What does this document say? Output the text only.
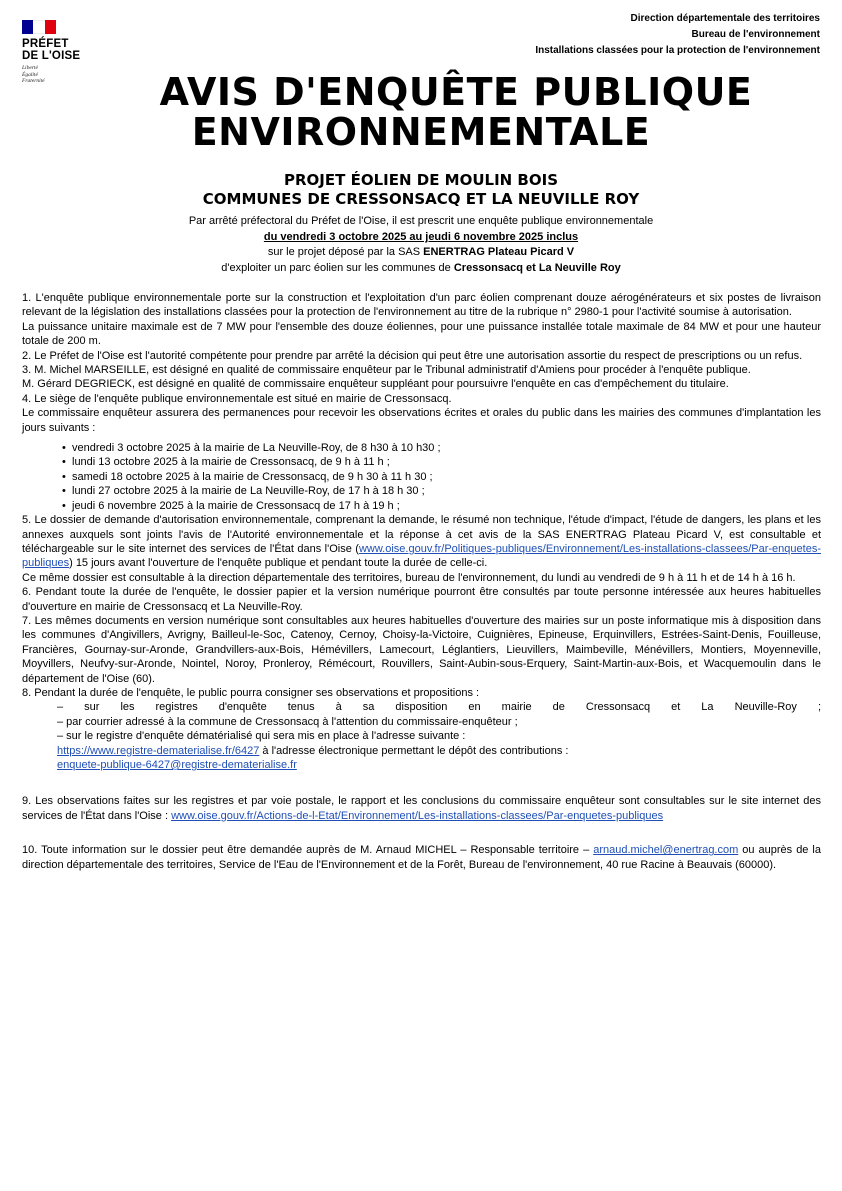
PRÉFET
DE L'OISE
Liberté
Égalité
Fraternité
Direction départementale des territoires
Bureau de l'environnement
Installations classées pour la protection de l'environnement
AVIS D'ENQUÊTE PUBLIQUE
ENVIRONNEMENTALE
PROJET ÉOLIEN DE MOULIN BOIS
COMMUNES DE CRESSONSACQ ET LA NEUVILLE ROY
Par arrêté préfectoral du Préfet de l'Oise, il est prescrit une enquête publique environnementale
du vendredi 3 octobre 2025 au jeudi 6 novembre 2025 inclus
sur le projet déposé par la SAS ENERTRAG Plateau Picard V
d'exploiter un parc éolien sur les communes de Cressonsacq et La Neuville Roy

1. L'enquête publique environnementale porte sur la construction et l'exploitation d'un parc éolien comprenant douze aérogénérateurs et six postes de livraison relevant de la législation des installations classées pour la protection de l'environnement au titre de la rubrique n° 2980-1 pour l'activité soumise à autorisation.

La puissance unitaire maximale est de 7 MW pour l'ensemble des douze éoliennes, pour une puissance installée totale maximale de 84 MW et pour une hauteur totale de 200 m.

2. Le Préfet de l'Oise est l'autorité compétente pour prendre par arrêté la décision qui peut être une autorisation assortie du respect de prescriptions ou un refus.

3. M. Michel MARSEILLE, est désigné en qualité de commissaire enquêteur par le Tribunal administratif d'Amiens pour procéder à l'enquête publique.

M. Gérard DEGRIECK, est désigné en qualité de commissaire enquêteur suppléant pour poursuivre l'enquête en cas d'empêchement du titulaire.

4. Le siège de l'enquête publique environnementale est situé en mairie de Cressonsacq.

Le commissaire enquêteur assurera des permanences pour recevoir les observations écrites et orales du public dans les mairies des communes d'implantation les jours suivants :

• vendredi 3 octobre 2025 à la mairie de La Neuville-Roy, de 8 h30 à 10 h30 ;
• lundi 13 octobre 2025 à la mairie de Cressonsacq, de 9 h à 11 h ;
• samedi 18 octobre 2025 à la mairie de Cressonsacq, de 9 h 30 à 11 h 30 ;
• lundi 27 octobre 2025 à la mairie de La Neuville-Roy, de 17 h à 18 h 30 ;
• jeudi 6 novembre 2025 à la mairie de Cressonsacq de 17 h à 19 h ;

5. Le dossier de demande d'autorisation environnementale, comprenant la demande, le résumé non technique, l'étude d'impact, l'étude de dangers, les plans et les annexes auxquels sont joints l'avis de l'Autorité environnementale et la réponse à cet avis de la SAS ENERTRAG Plateau Picard V, est consultable et téléchargeable sur le site internet des services de l'État dans l'Oise (www.oise.gouv.fr/Politiques-publiques/Environnement/Les-installations-classees/Par-enquetes-publiques) 15 jours avant l'ouverture de l'enquête publique et pendant toute la durée de celle-ci.

Ce même dossier est consultable à la direction départementale des territoires, bureau de l'environnement, du lundi au vendredi de 9 h à 11 h et de 14 h à 16 h.

6. Pendant toute la durée de l'enquête, le dossier papier et la version numérique pourront être consultés par toute personne intéressée aux heures habituelles d'ouverture en mairie de Cressonsacq et La Neuville-Roy.

7. Les mêmes documents en version numérique sont consultables aux heures habituelles d'ouverture des mairies sur un poste informatique mis à disposition dans les communes d'Angivillers, Avrigny, Bailleul-le-Soc, Catenoy, Cernoy, Choisy-la-Victoire, Cuignières, Epineuse, Erquinvillers, Estrées-Saint-Denis, Fouilleuse, Francières, Gournay-sur-Aronde, Grandvillers-aux-Bois, Hémévillers, Lamecourt, Léglantiers, Lieuvillers, Maimbeville, Ménévillers, Montiers, Moyenneville, Moyvillers, Neufvy-sur-Aronde, Nointel, Noroy, Pronleroy, Rémécourt, Rouvillers, Saint-Aubin-sous-Erquery, Saint-Martin-aux-Bois, et Wacquemoulin dans le département de l'Oise (60).

8. Pendant la durée de l'enquête, le public pourra consigner ses observations et propositions :

– sur les registres d'enquête tenus à sa disposition en mairie de Cressonsacq et La Neuville-Roy ;

– par courrier adressé à la commune de Cressonsacq à l'attention du commissaire-enquêteur ;

– sur le registre d'enquête dématérialisé qui sera mis en place à l'adresse suivante :

https://www.registre-dematerialise.fr/6427 à l'adresse électronique permettant le dépôt des contributions :

enquete-publique-6427@registre-dematerialise.fr

9. Les observations faites sur les registres et par voie postale, le rapport et les conclusions du commissaire enquêteur sont consultables sur le site internet des services de l'État dans l'Oise : www.oise.gouv.fr/Actions-de-l-Etat/Environnement/Les-installations-classees/Par-enquetes-publiques

10. Toute information sur le dossier peut être demandée auprès de M. Arnaud MICHEL – Responsable territoire – arnaud.michel@enertrag.com ou auprès de la direction départementale des territoires, Service de l'Eau de l'Environnement et de la Forêt, Bureau de l'environnement, 40 rue Racine à Beauvais (60000).
